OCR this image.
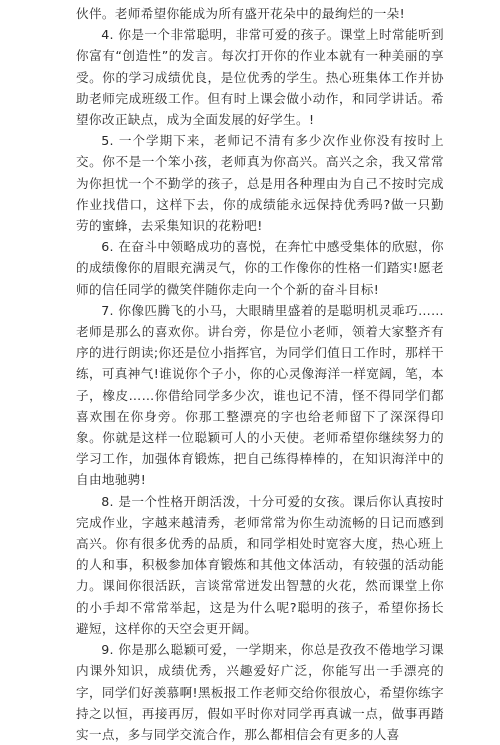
伙伴。老师希望你能成为所有盛开花朵中的最绚烂的一朵!

4. 你是一个非常聪明，非常可爱的孩子。课堂上时常能听到你富有“创造性”的发言。每次打开你的作业本就有一种美丽的享受。你的学习成绩优良，是位优秀的学生。热心班集体工作并协助老师完成班级工作。但有时上课会做小动作，和同学讲话。希望你改正缺点，成为全面发展的好学生。!

5. 一个学期下来，老师记不清有多少次作业你没有按时上交。你不是一个笨小孩，老师真为你高兴。高兴之余，我又常常为你担忧一个不勤学的孩子，总是用各种理由为自己不按时完成作业找借口，这样下去，你的成绩能永远保持优秀吗?做一只勤劳的蜜蜂，去采集知识的花粉吧!

6. 在奋斗中领略成功的喜悦，在奔忙中感受集体的欣慰，你的成绩像你的眉眼充满灵气，你的工作像你的性格一们踏实!愿老师的信任同学的微笑伴随你走向一个个新的奋斗目标!

7. 你像匹腾飞的小马，大眼睛里盛着的是聪明机灵乖巧……老师是那么的喜欢你。讲台旁，你是位小老师，领着大家整齐有序的进行朗读;你还是位小指挥官，为同学们值日工作时，那样干练，可真神气!谁说你个子小，你的心灵像海洋一样宽阔，笔，本子，橡皮……你借给同学多少次，谁也记不清，怪不得同学们都喜欢围在你身旁。你那工整漂亮的字也给老师留下了深深得印象。你就是这样一位聪颖可人的小天使。老师希望你继续努力的学习工作，加强体育锻炼，把自己练得棒棒的，在知识海洋中的自由地驰骋!

8. 是一个性格开朗活泼，十分可爱的女孩。课后你认真按时完成作业，字越来越清秀，老师常常为你生动流畅的日记而感到高兴。你有很多优秀的品质，和同学相处时宽容大度，热心班上的人和事，积极参加体育锻炼和其他文体活动，有较强的活动能力。课间你很活跃，言谈常常迸发出智慧的火花，然而课堂上你的小手却不常常举起，这是为什么呢?聪明的孩子，希望你扬长避短，这样你的天空会更开阔。

9. 你是那么聪颖可爱，一学期来，你总是孜孜不倦地学习课内课外知识，成绩优秀，兴趣爱好广泛，你能写出一手漂亮的字，同学们好羡慕啊!黑板报工作老师交给你很放心，希望你练字持之以恒，再接再厉，假如平时你对同学再真诚一点，做事再踏实一点，多与同学交流合作，那么都相信会有更多的人喜
